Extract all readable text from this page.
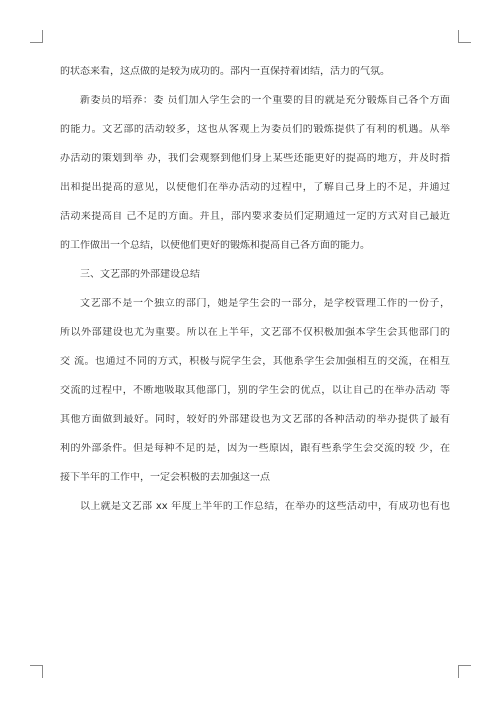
的状态来看，这点做的是较为成功的。部内一直保持着团结，活力的气氛。
新委员的培养：委 员们加入学生会的一个重要的目的就是充分锻炼自己各个方面
的能力。文艺部的活动较多，这也从客观上为委员们的锻炼提供了有利的机遇。从举
办活动的策划到举 办，我们会观察到他们身上某些还能更好的提高的地方，并及时指
出和提出提高的意见，以使他们在举办活动的过程中，了解自己身上的不足，并通过
活动来提高自 己不足的方面。并且，部内要求委员们定期通过一定的方式对自己最近
的工作做出一个总结，以使他们更好的锻炼和提高自己各方面的能力。
三、文艺部的外部建设总结
文艺部不是一个独立的部门，她是学生会的一部分，是学校管理工作的一份子，
所以外部建设也尤为重要。所以在上半年，文艺部不仅积极加强本学生会其他部门的
交 流。也通过不同的方式，积极与院学生会，其他系学生会加强相互的交流，在相互
交流的过程中，不断地吸取其他部门，别的学生会的优点，以让自己的在举办活动 等
其他方面做到最好。同时，较好的外部建设也为文艺部的各种活动的举办提供了最有
利的外部条件。但是每种不足的是，因为一些原因，跟有些系学生会交流的较 少，在
接下半年的工作中，一定会积极的去加强这一点
以上就是文艺部 xx 年度上半年的工作总结，在举办的这些活动中，有成功也有也
